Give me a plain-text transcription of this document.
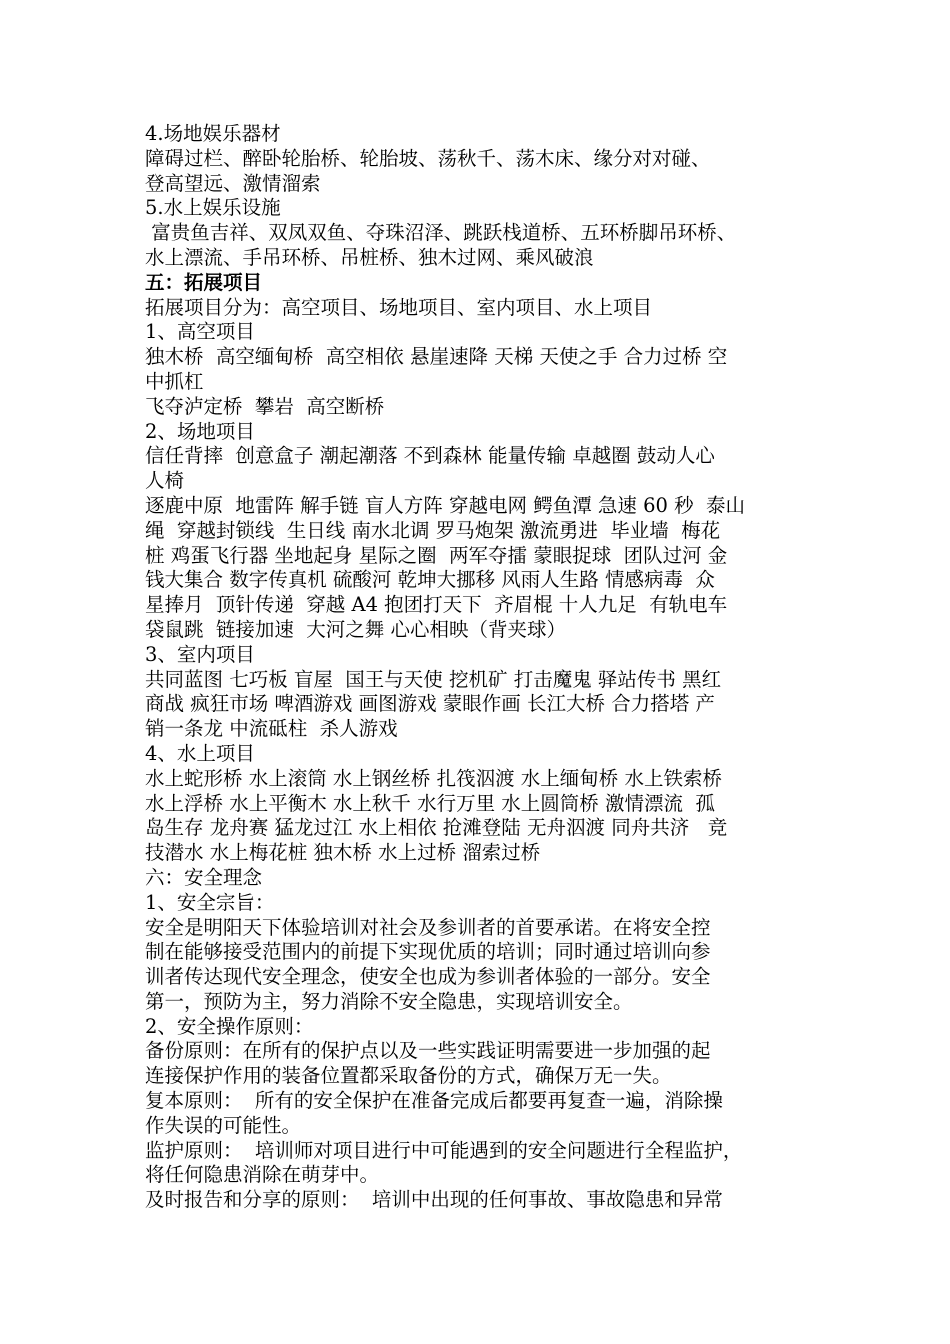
4.场地娱乐器材
障碍过栏、醉卧轮胎桥、轮胎坡、荡秋千、荡木床、缘分对对碰、
登高望远、激情溜索
5.水上娱乐设施
富贵鱼吉祥、双凤双鱼、夺珠沼泽、跳跃栈道桥、五环桥脚吊环桥、
水上漂流、手吊环桥、吊桩桥、独木过网、乘风破浪
五：拓展项目
拓展项目分为：高空项目、场地项目、室内项目、水上项目
1、高空项目
独木桥  高空缅甸桥  高空相依 悬崖速降 天梯 天使之手 合力过桥 空
中抓杠
飞夺泸定桥  攀岩  高空断桥
2、场地项目
信任背摔  创意盒子 潮起潮落 不到森林 能量传输 卓越圈 鼓动人心
人椅
逐鹿中原  地雷阵 解手链 盲人方阵 穿越电网 鳄鱼潭 急速 60 秒  泰山
绳  穿越封锁线  生日线 南水北调 罗马炮架 激流勇进  毕业墙  梅花
桩 鸡蛋飞行器 坐地起身 星际之圈  两军夺擂 蒙眼捉球  团队过河 金
钱大集合 数字传真机 硫酸河 乾坤大挪移 风雨人生路 情感病毒  众
星捧月  顶针传递  穿越 A4 抱团打天下  齐眉棍 十人九足  有轨电车
袋鼠跳  链接加速  大河之舞 心心相映（背夹球）
3、室内项目
共同蓝图 七巧板 盲屋  国王与天使 挖机矿 打击魔鬼 驿站传书 黑红
商战 疯狂市场 啤酒游戏 画图游戏 蒙眼作画 长江大桥 合力搭塔 产
销一条龙 中流砥柱  杀人游戏
4、水上项目
水上蛇形桥 水上滚筒 水上钢丝桥 扎筏泅渡 水上缅甸桥 水上铁索桥
水上浮桥 水上平衡木 水上秋千 水行万里 水上圆筒桥 激情漂流  孤
岛生存 龙舟赛 猛龙过江 水上相依 抢滩登陆 无舟泅渡 同舟共济   竞
技潜水 水上梅花桩 独木桥 水上过桥 溜索过桥
六：安全理念
1、安全宗旨：
安全是明阳天下体验培训对社会及参训者的首要承诺。在将安全控
制在能够接受范围内的前提下实现优质的培训；同时通过培训向参
训者传达现代安全理念，使安全也成为参训者体验的一部分。安全
第一，预防为主，努力消除不安全隐患，实现培训安全。
2、安全操作原则：
备份原则：在所有的保护点以及一些实践证明需要进一步加强的起
连接保护作用的装备位置都采取备份的方式，确保万无一失。
复本原则：  所有的安全保护在准备完成后都要再复查一遍，消除操
作失误的可能性。
监护原则：  培训师对项目进行中可能遇到的安全问题进行全程监护，
将任何隐患消除在萌芽中。
及时报告和分享的原则：  培训中出现的任何事故、事故隐患和异常
